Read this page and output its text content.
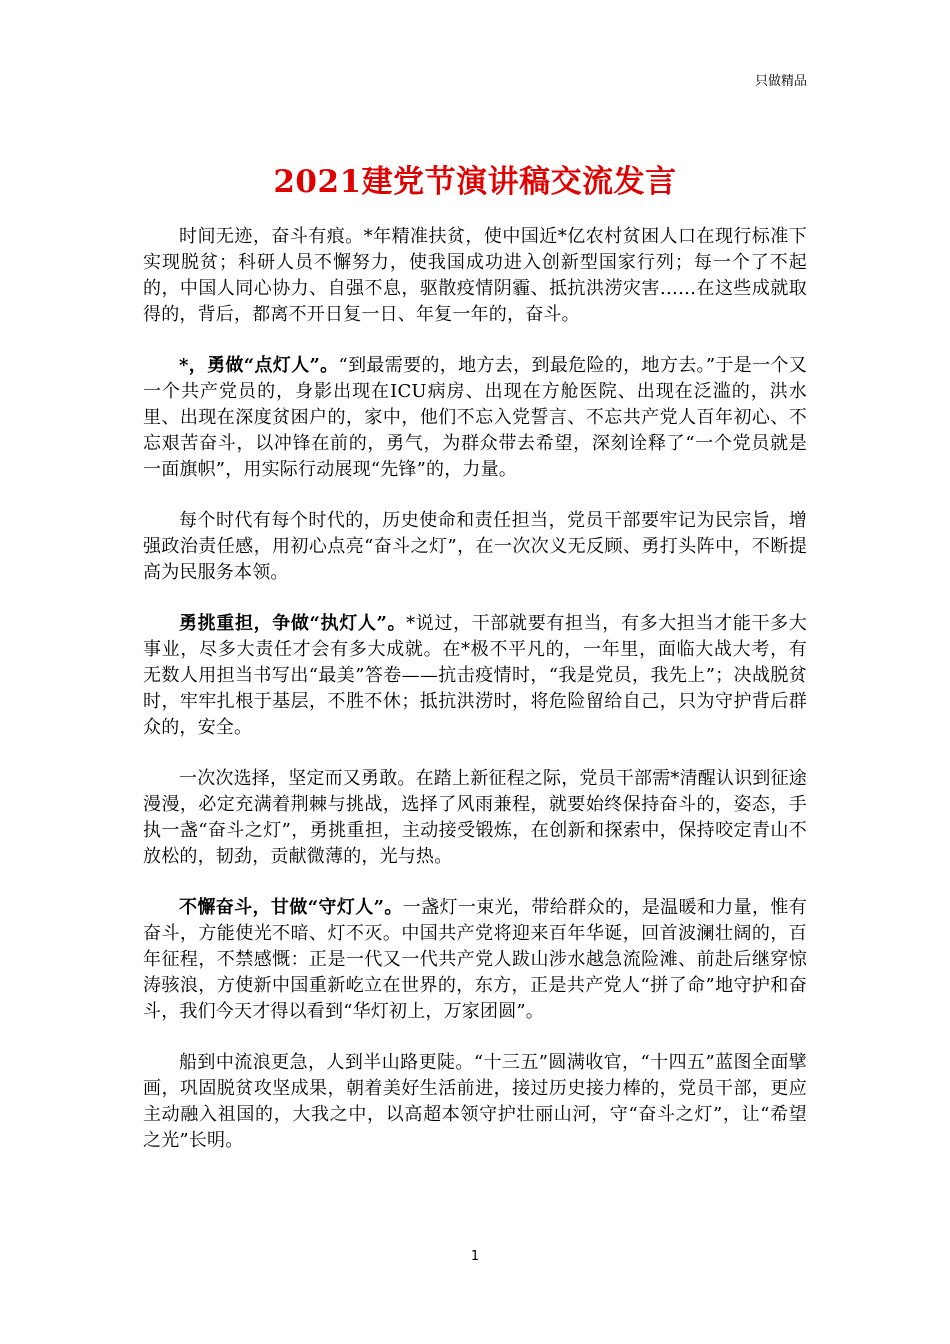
只做精品
2021建党节演讲稿交流发言

时间无迹，奋斗有痕。*年精准扶贫，使中国近*亿农村贫困人口在现行标准下实现脱贫；科研人员不懈努力，使我国成功进入创新型国家行列；每一个了不起的，中国人同心协力、自强不息，驱散疫情阴霾、抵抗洪涝灾害……在这些成就取得的，背后，都离不开日复一日、年复一年的，奋斗。

*，勇做“点灯人”。“到最需要的，地方去，到最危险的，地方去。”于是一个又一个共产党员的，身影出现在ICU病房、出现在方舱医院、出现在泛滥的，洪水里、出现在深度贫困户的，家中，他们不忘入党誓言、不忘共产党人百年初心、不忘艰苦奋斗，以冲锋在前的，勇气，为群众带去希望，深刻诠释了“一个党员就是一面旗帜”，用实际行动展现“先锋”的，力量。

每个时代有每个时代的，历史使命和责任担当，党员干部要牢记为民宗旨，增强政治责任感，用初心点亮“奋斗之灯”，在一次次义无反顾、勇打头阵中，不断提高为民服务本领。

勇挑重担，争做“执灯人”。*说过，干部就要有担当，有多大担当才能干多大事业，尽多大责任才会有多大成就。在*极不平凡的，一年里，面临大战大考，有无数人用担当书写出“最美”答卷——抗击疫情时，“我是党员，我先上”；决战脱贫时，牢牢扎根于基层，不胜不休；抵抗洪涝时，将危险留给自己，只为守护背后群众的，安全。

一次次选择，坚定而又勇敢。在踏上新征程之际，党员干部需*清醒认识到征途漫漫，必定充满着荆棘与挑战，选择了风雨兼程，就要始终保持奋斗的，姿态，手执一盏“奋斗之灯”，勇挑重担，主动接受锻炼，在创新和探索中，保持咬定青山不放松的，韧劲，贡献微薄的，光与热。

不懈奋斗，甘做“守灯人”。一盏灯一束光，带给群众的，是温暖和力量，惟有奋斗，方能使光不暗、灯不灭。中国共产党将迎来百年华诞，回首波澜壮阔的，百年征程，不禁感慨：正是一代又一代共产党人跋山涉水越急流险滩、前赴后继穿惊涛骇浪，方使新中国重新屹立在世界的，东方，正是共产党人“拼了命”地守护和奋斗，我们今天才得以看到“华灯初上，万家团圆”。

船到中流浪更急，人到半山路更陡。“十三五”圆满收官，“十四五”蓝图全面擘画，巩固脱贫攻坚成果，朝着美好生活前进，接过历史接力棒的，党员干部，更应主动融入祖国的，大我之中，以高超本领守护壮丽山河，守“奋斗之灯”，让“希望之光”长明。

1
